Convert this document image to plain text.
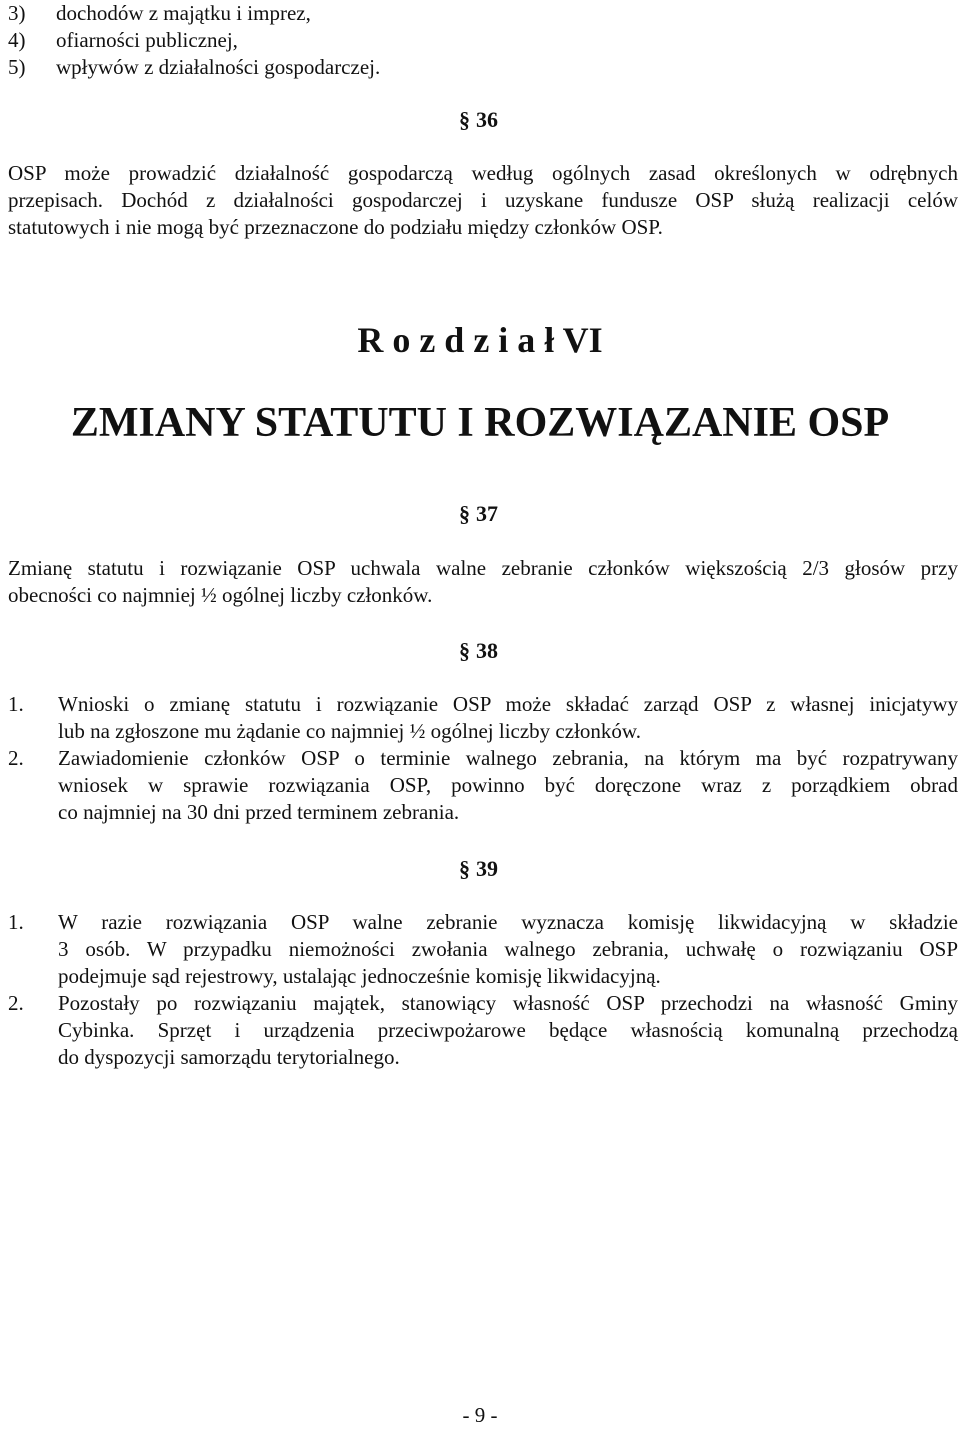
3)	dochodów z majątku i imprez,
4)	ofiarności publicznej,
5)	wpływów z działalności gospodarczej.
§ 36
OSP może prowadzić działalność gospodarczą według ogólnych zasad określonych w odrębnych
przepisach. Dochód z działalności gospodarczej i uzyskane fundusze OSP służą realizacji celów
statutowych i nie mogą być przeznaczone do podziału między członków OSP.
R o z d z i a ł VI
ZMIANY STATUTU I ROZWIĄZANIE OSP
§ 37
Zmianę statutu i rozwiązanie OSP uchwala walne zebranie członków większością 2/3 głosów przy
obecności co najmniej ½ ogólnej liczby członków.
§ 38
1.	Wnioski o zmianę statutu i rozwiązanie OSP może składać zarząd OSP z własnej inicjatywy
lub na zgłoszone mu żądanie co najmniej ½ ogólnej liczby członków.
2.	Zawiadomienie członków OSP o terminie walnego zebrania, na którym ma być rozpatrywany
wniosek w sprawie rozwiązania OSP, powinno być doręczone wraz z porządkiem obrad
co najmniej na 30 dni przed terminem zebrania.
§ 39
1.	W razie rozwiązania OSP walne zebranie wyznacza komisję likwidacyjną w składzie
3 osób. W przypadku niemożności zwołania walnego zebrania, uchwałę o rozwiązaniu OSP
podejmuje sąd rejestrowy, ustalając jednocześnie komisję likwidacyjną.
2.	Pozostały po rozwiązaniu majątek, stanowiący własność OSP przechodzi na własność Gminy
Cybinka. Sprzęt i urządzenia przeciwpożarowe będące własnością komunalną przechodzą
do dyspozycji samorządu terytorialnego.
- 9 -
